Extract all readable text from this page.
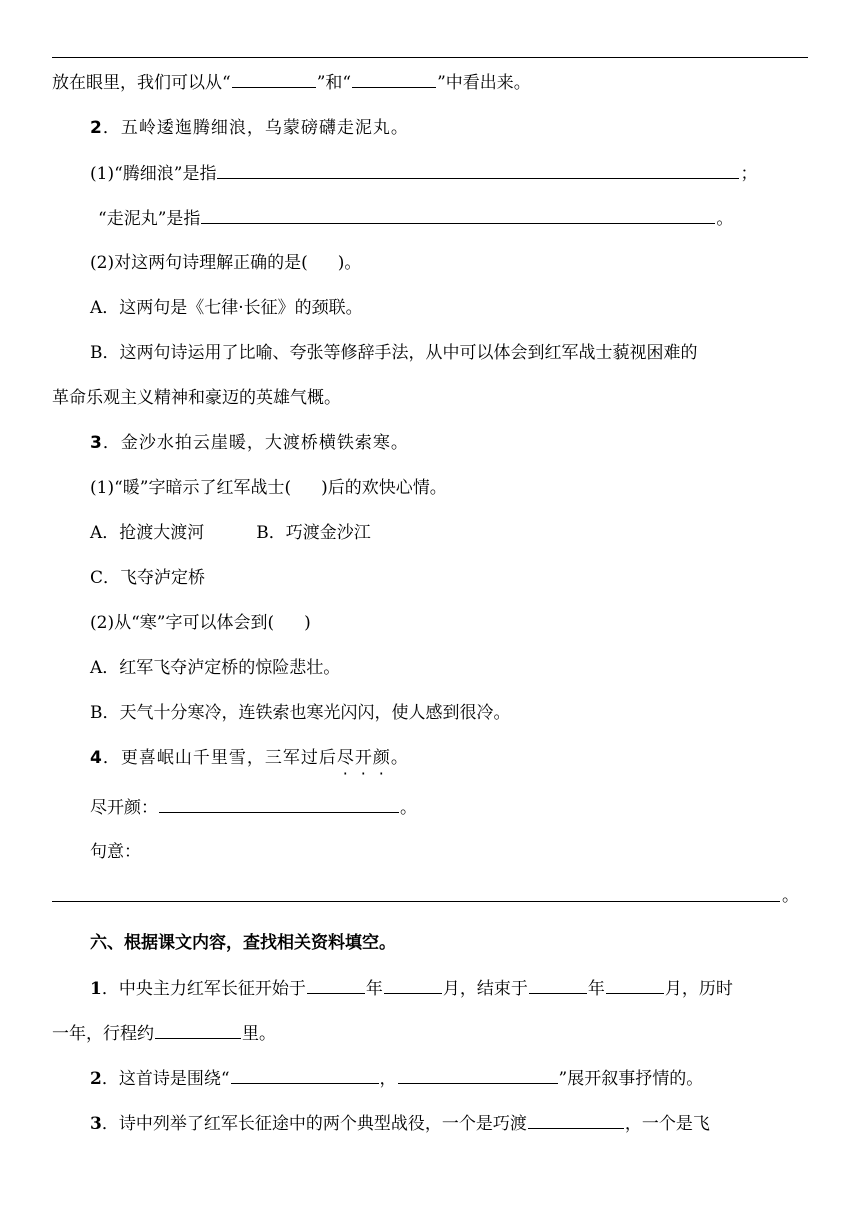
放在眼里，我们可以从“	”和“	”中看出来。
2．五岭逶迤腾细浪，乌蒙磅礴走泥丸。
(1)“腾细浪”是指	；
“走泥丸”是指	。
(2)对这两句诗理解正确的是( )。
A．这两句是《七律·长征》的颈联。
B．这两句诗运用了比喻、夸张等修辞手法，从中可以体会到红军战士藐视困难的
革命乐观主义精神和豪迈的英雄气概。
3．金沙水拍云崖暖，大渡桥横铁索寒。
(1)“暖”字暗示了红军战士( )后的欢快心情。
A．抢渡大渡河	B．巧渡金沙江
C．飞夺泸定桥
(2)从“寒”字可以体会到( )
A．红军飞夺泸定桥的惊险悲壮。
B．天气十分寒冷，连铁索也寒光闪闪，使人感到很冷。
4．更喜岷山千里雪，三军过后尽开颜。
尽开颜：	。
句意：
。
六、根据课文内容，查找相关资料填空。
1．中央主力红军长征开始于	年	月，结束于	年	月，历时
一年，行程约	里。
2．这首诗是围绕“	，	”展开叙事抒情的。
3．诗中列举了红军长征途中的两个典型战役，一个是巧渡	，一个是飞
